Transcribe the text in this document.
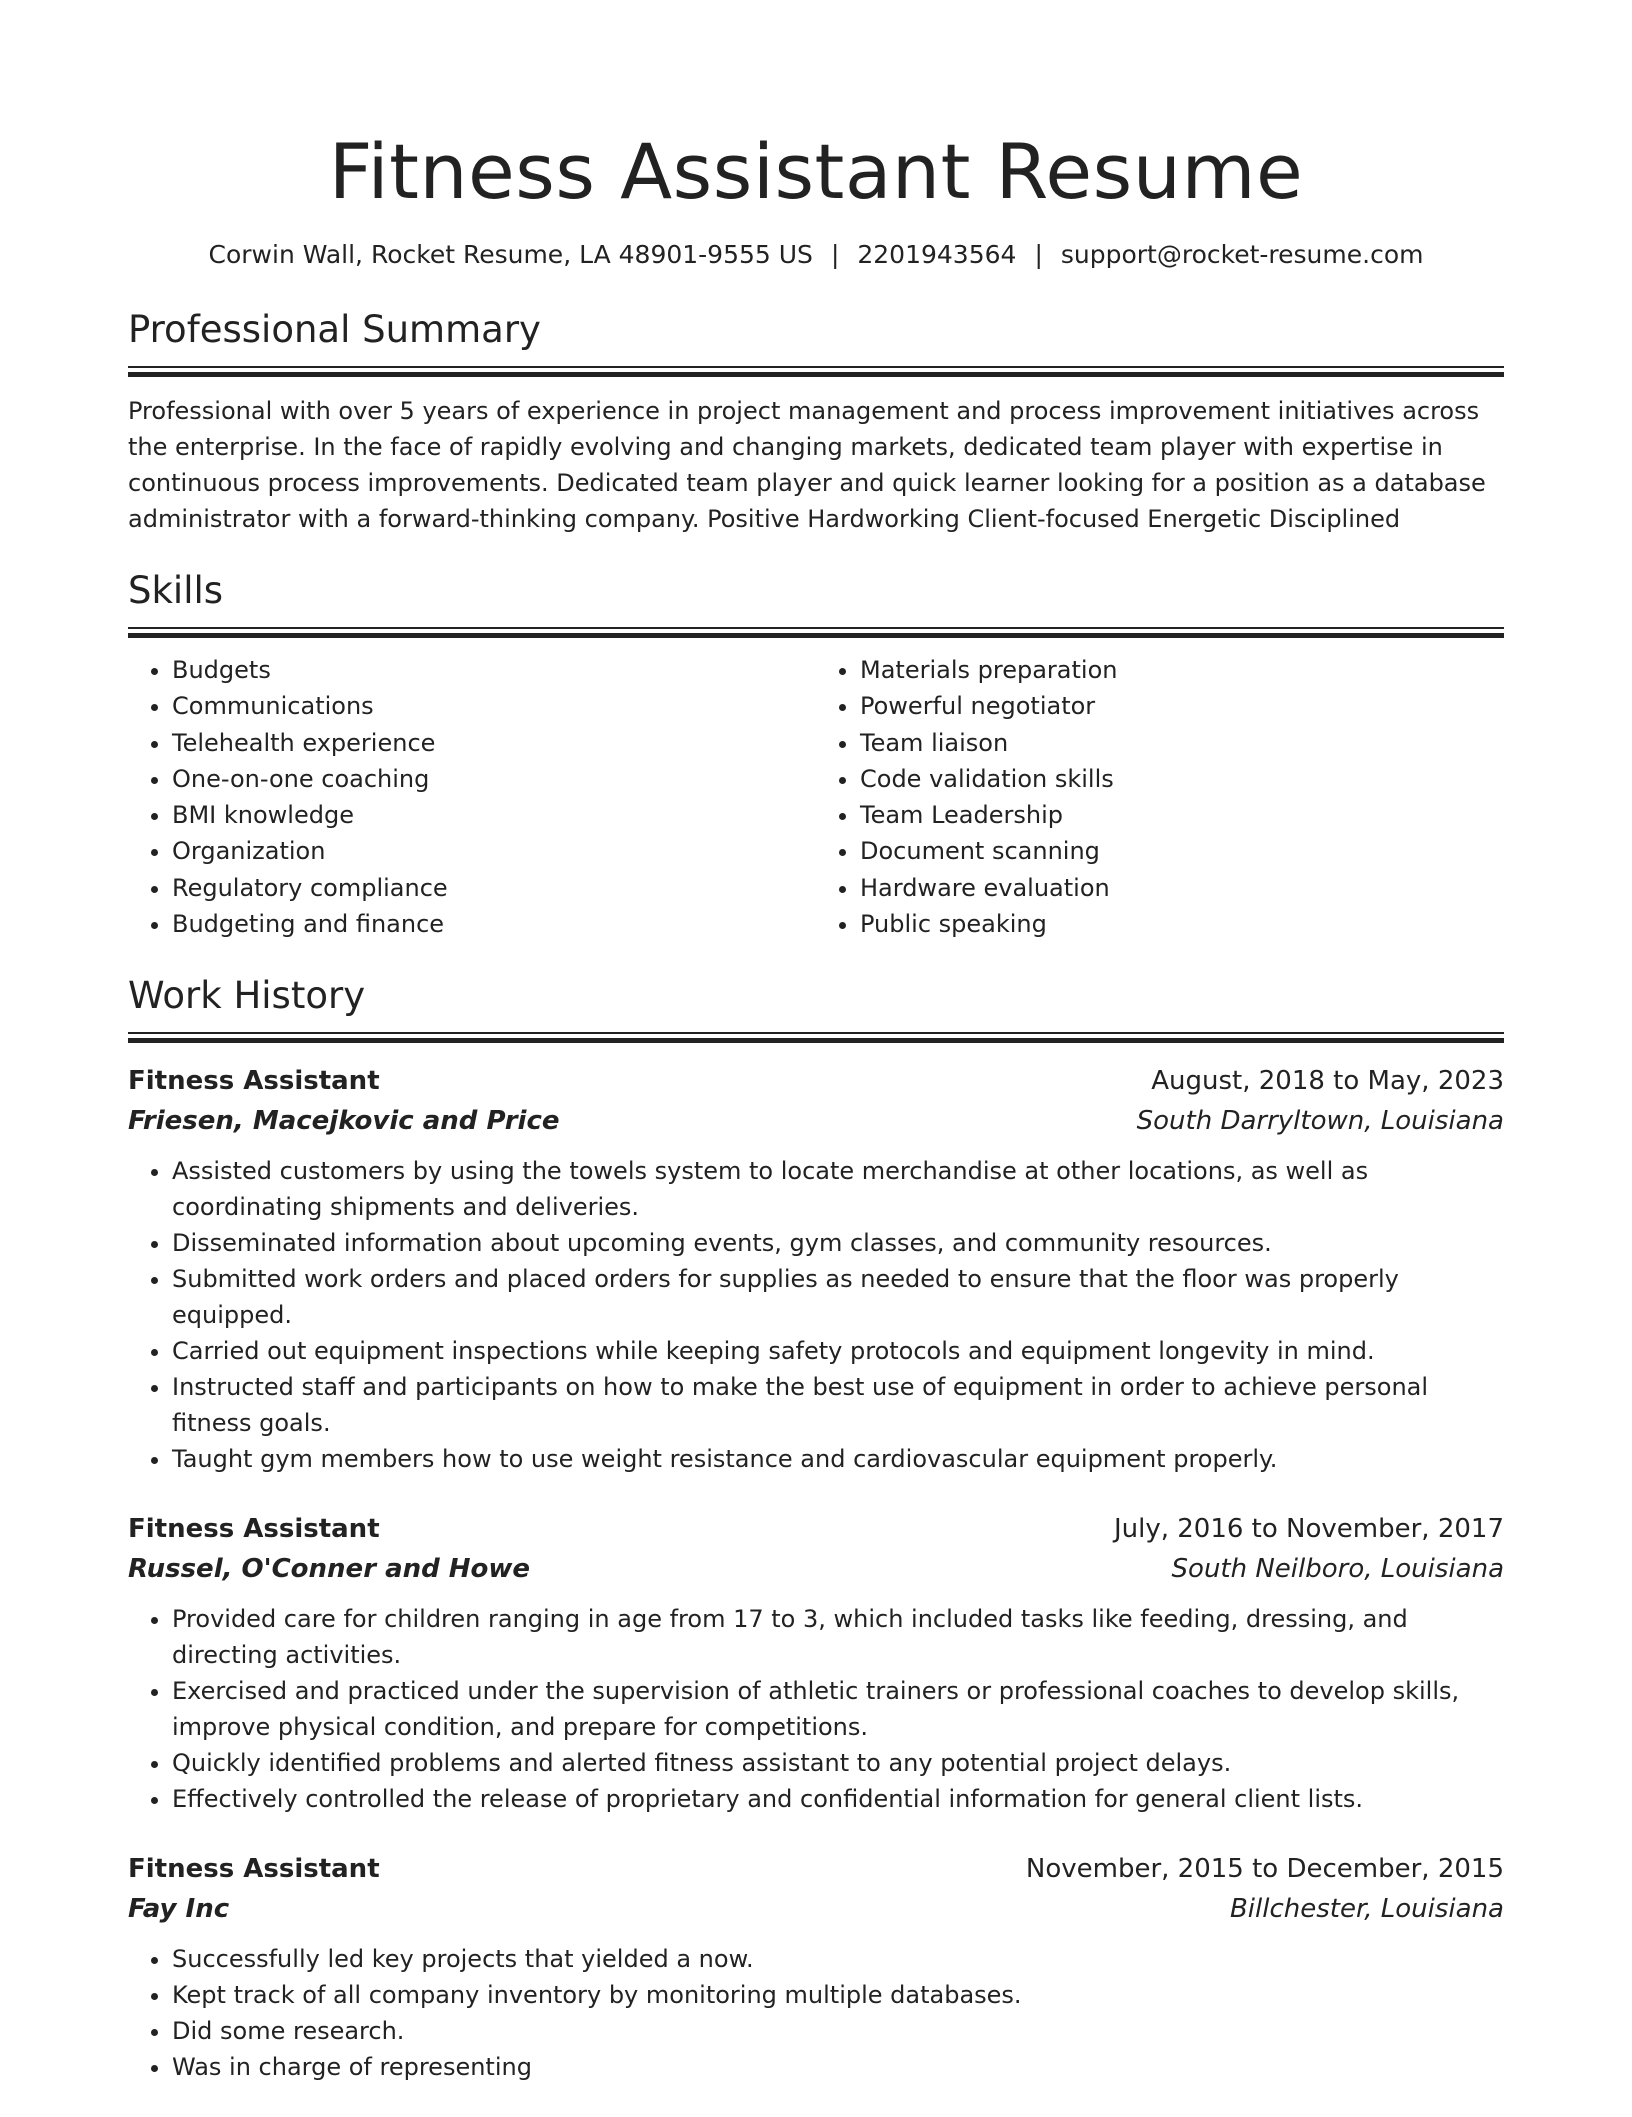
Fitness Assistant Resume
Corwin Wall, Rocket Resume, LA 48901-9555 US | 2201943564 | support@rocket-resume.com
Professional Summary

Professional with over 5 years of experience in project management and process improvement initiatives across the enterprise. In the face of rapidly evolving and changing markets, dedicated team player with expertise in continuous process improvements. Dedicated team player and quick learner looking for a position as a database administrator with a forward-thinking company. Positive Hardworking Client-focused Energetic Disciplined

Skills
• Budgets
• Communications
• Telehealth experience
• One-on-one coaching
• BMI knowledge
• Organization
• Regulatory compliance
• Budgeting and finance
• Materials preparation
• Powerful negotiator
• Team liaison
• Code validation skills
• Team Leadership
• Document scanning
• Hardware evaluation
• Public speaking
Work History
Fitness Assistant	August, 2018 to May, 2023
Friesen, Macejkovic and Price	South Darryltown, Louisiana
• Assisted customers by using the towels system to locate merchandise at other locations, as well as coordinating shipments and deliveries.
• Disseminated information about upcoming events, gym classes, and community resources.
• Submitted work orders and placed orders for supplies as needed to ensure that the floor was properly equipped.
• Carried out equipment inspections while keeping safety protocols and equipment longevity in mind.
• Instructed staff and participants on how to make the best use of equipment in order to achieve personal fitness goals.
• Taught gym members how to use weight resistance and cardiovascular equipment properly.
Fitness Assistant	July, 2016 to November, 2017
Russel, O'Conner and Howe	South Neilboro, Louisiana
• Provided care for children ranging in age from 17 to 3, which included tasks like feeding, dressing, and directing activities.
• Exercised and practiced under the supervision of athletic trainers or professional coaches to develop skills, improve physical condition, and prepare for competitions.
• Quickly identified problems and alerted fitness assistant to any potential project delays.
• Effectively controlled the release of proprietary and confidential information for general client lists.
Fitness Assistant	November, 2015 to December, 2015
Fay Inc	Billchester, Louisiana
• Successfully led key projects that yielded a now.
• Kept track of all company inventory by monitoring multiple databases.
• Did some research.
• Was in charge of representing
